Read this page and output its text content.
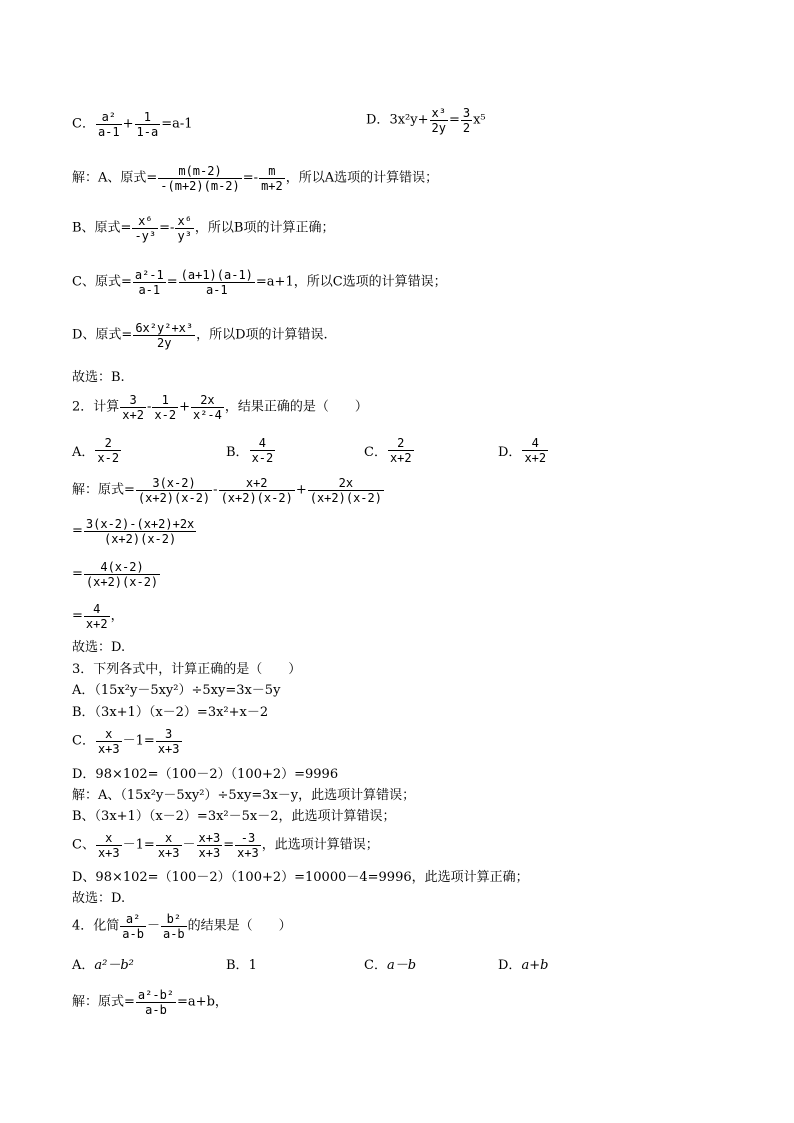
C． $\frac{\text{a²}}{a-1} + \frac{1}{1-a} =a-1$	D．$3x^2y+ \frac{\text{x³}}{2y} = \frac{3}{2} x^5$
解：A、原式= $\frac{m(m-2)}{-(m+2)(m-2)} =- \frac{m}{m+2}$ ，所以A选项的计算错误；
B、原式= $\frac{\text{x⁶}}{\text{-y³}} =- \frac{\text{x⁶}}{\text{y³}}$ ，所以B项的计算正确；
C、原式= $\frac{\text{a²-1}}{a-1} = \frac{(a+1)(a-1)}{a-1} =a+1$，所以C选项的计算错误；
D、原式= $\frac{\text{6x²y²+x³}}{2y}$ ，所以D项的计算错误.
故选：B.
2．计算 $\frac{3}{x+2} - \frac{1}{x-2} + \frac{2x}{\text{x²-4}}$ ，结果正确的是（　　）
A． $\frac{2}{x-2}$	B． $\frac{4}{x-2}$	C． $\frac{2}{x+2}$	D． $\frac{4}{x+2}$
解：原式= $\frac{3(x-2)}{(x+2)(x-2)} - \frac{x+2}{(x+2)(x-2)} + \frac{2x}{(x+2)(x-2)}$
= $\frac{3(x-2)-(x+2)+2x}{(x+2)(x-2)}$
= $\frac{4(x-2)}{(x+2)(x-2)}$
= $\frac{4}{x+2}$ ，
故选：D.
3．下列各式中，计算正确的是（　　）
A．（15x²y－5xy²）÷5xy=3x－5y
B．（3x+1）（x－2）=3x²+x－2
C． $\frac{x}{x+3} -1= \frac{3}{x+3}$
D．98×102=（100－2）（100+2）=9996
解：A、（15x²y－5xy²）÷5xy=3x－y，此选项计算错误；
B、（3x+1）（x－2）=3x²－5x－2，此选项计算错误；
C、 $\frac{x}{x+3} -1= \frac{x}{x+3} - \frac{x+3}{x+3} = \frac{-3}{x+3}$ ，此选项计算错误；
D、98×102=（100－2）（100+2）=10000－4=9996，此选项计算正确；
故选：D.
4．化简 $\frac{\text{a²}}{a-b} - \frac{\text{b²}}{a-b}$ 的结果是（　　）
A．a²－b²	B．1	C．a－b	D．a+b
解：原式= $\frac{\text{a²-b²}}{a-b} =a+b$，
